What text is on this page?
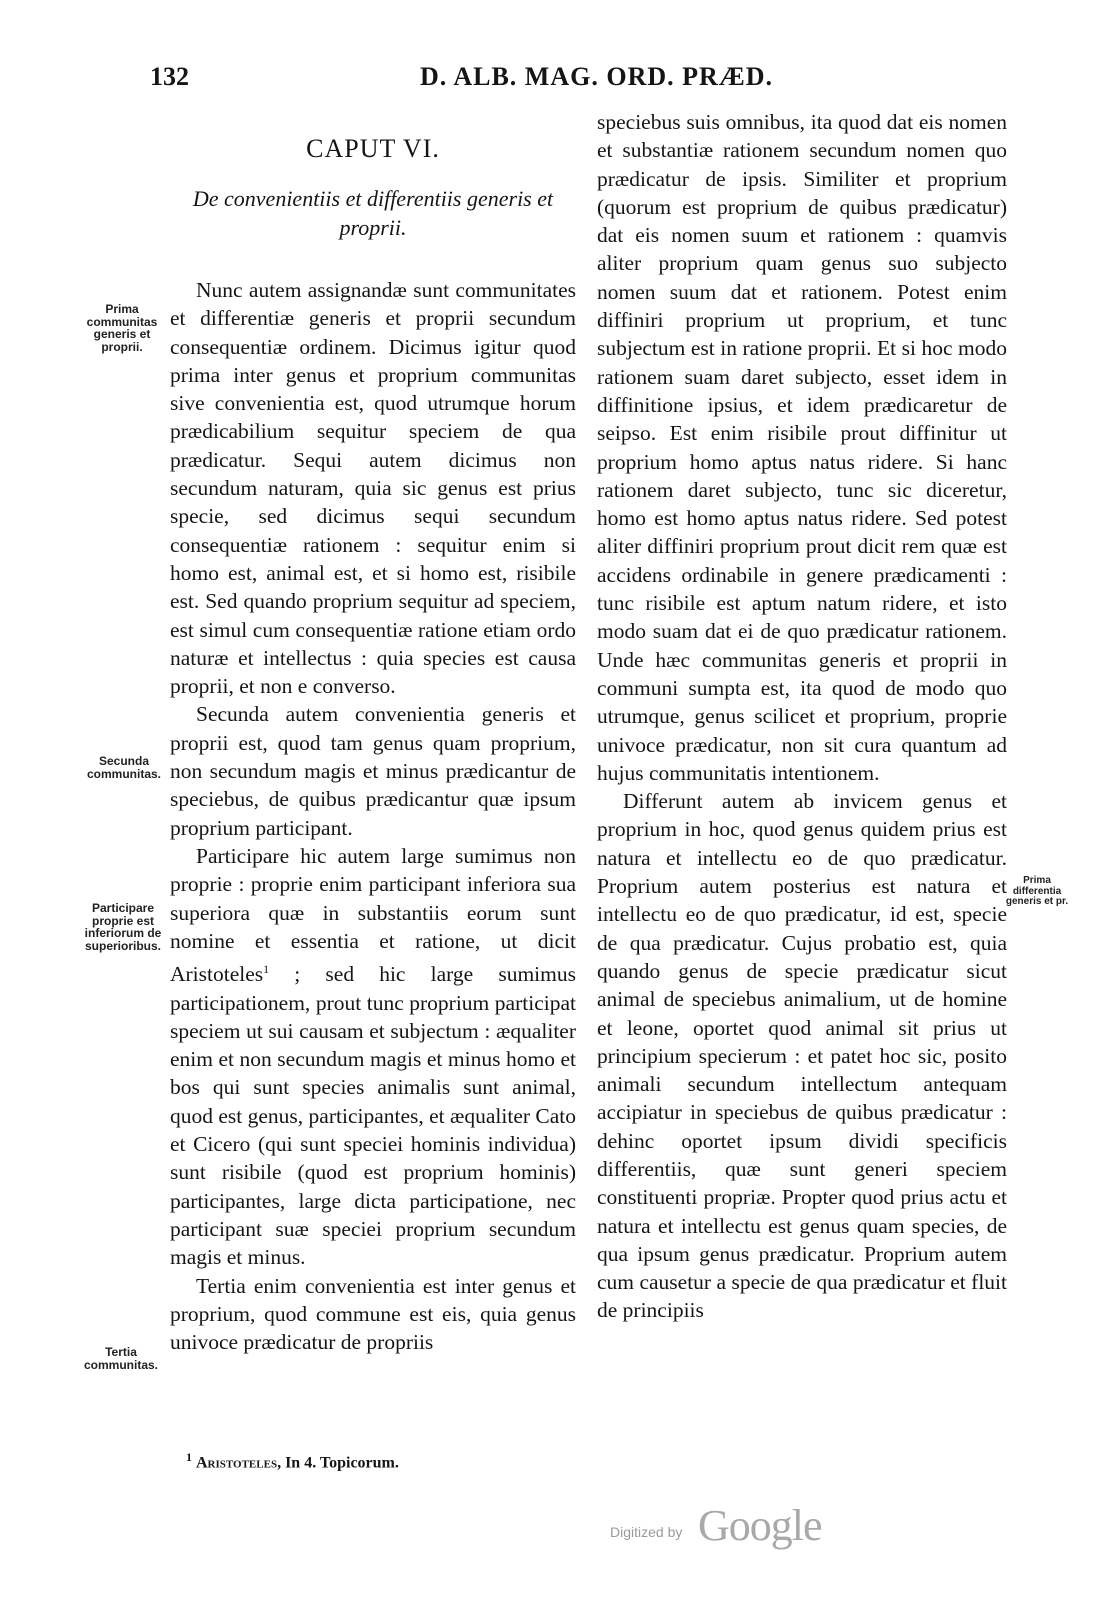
132	D. ALB. MAG. ORD. PRÆD.
CAPUT VI.
De convenientiis et differentiis generis et proprii.

Nunc autem assignandæ sunt communitates et differentiæ generis et proprii secundum consequentiæ ordinem. Dicimus igitur quod prima inter genus et proprium communitas sive convenientia est, quod utrumque horum prædicabilium sequitur speciem de qua prædicatur. Sequi autem dicimus non secundum naturam, quia sic genus est prius specie, sed dicimus sequi secundum consequentiæ rationem : sequitur enim si homo est, animal est, et si homo est, risibile est. Sed quando proprium sequitur ad speciem, est simul cum consequentiæ ratione etiam ordo naturæ et intellectus : quia species est causa proprii, et non e converso.

Secunda autem convenientia generis et proprii est, quod tam genus quam proprium, non secundum magis et minus prædicantur de speciebus, de quibus prædicantur quæ ipsum proprium participant.

Participare hic autem large sumimus non proprie : proprie enim participant inferiora sua superiora quæ in substantiis eorum sunt nomine et essentia et ratione, ut dicit Aristoteles$^1$ ; sed hic large sumimus participationem, prout tunc proprium participat speciem ut sui causam et subjectum : æqualiter enim et non secundum magis et minus homo et bos qui sunt species animalis sunt animal, quod est genus, participantes, et æqualiter Cato et Cicero (qui sunt speciei hominis individua) sunt risibile (quod est proprium hominis) participantes, large dicta participatione, nec participant suæ speciei proprium secundum magis et minus.

Tertia enim convenientia est inter genus et proprium, quod commune est eis, quia genus univoce prædicatur de propriis

speciebus suis omnibus, ita quod dat eis nomen et substantiæ rationem secundum nomen quo prædicatur de ipsis. Similiter et proprium (quorum est proprium de quibus prædicatur) dat eis nomen suum et rationem : quamvis aliter proprium quam genus suo subjecto nomen suum dat et rationem. Potest enim diffiniri proprium ut proprium, et tunc subjectum est in ratione proprii. Et si hoc modo rationem suam daret subjecto, esset idem in diffinitione ipsius, et idem prædicaretur de seipso. Est enim risibile prout diffinitur ut proprium homo aptus natus ridere. Si hanc rationem daret subjecto, tunc sic diceretur, homo est homo aptus natus ridere. Sed potest aliter diffiniri proprium prout dicit rem quæ est accidens ordinabile in genere prædicamenti : tunc risibile est aptum natum ridere, et isto modo suam dat ei de quo prædicatur rationem. Unde hæc communitas generis et proprii in communi sumpta est, ita quod de modo quo utrumque, genus scilicet et proprium, proprie univoce prædicatur, non sit cura quantum ad hujus communitatis intentionem.

Differunt autem ab invicem genus et proprium in hoc, quod genus quidem prius est natura et intellectu eo de quo prædicatur. Proprium autem posterius est natura et intellectu eo de quo prædicatur, id est, specie de qua prædicatur. Cujus probatio est, quia quando genus de specie prædicatur sicut animal de speciebus animalium, ut de homine et leone, oportet quod animal sit prius ut principium specierum : et patet hoc sic, posito animali secundum intellectum antequam accipiatur in speciebus de quibus prædicatur : dehinc oportet ipsum dividi specificis differentiis, quæ sunt generi speciem constituenti propriæ. Propter quod prius actu et natura et intellectu est genus quam species, de qua ipsum genus prædicatur. Proprium autem cum causetur a specie de qua prædicatur et fluit de principiis

Prima communitas generis et proprii.
Secunda communitas.
Participare proprie est inferiorum de superioribus.
Tertia communitas.
Prima differentia generis et pr.
$^1$ Aristoteles, In 4. Topicorum.
Digitized by Google
